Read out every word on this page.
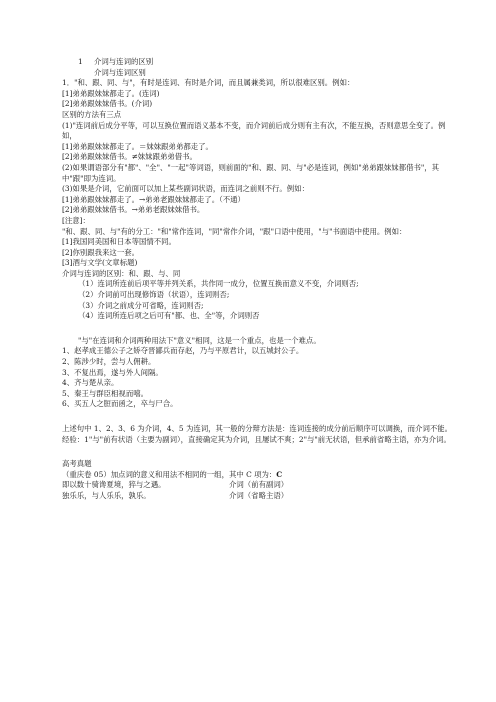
1 介词与连词的区别
介词与连词区别
1．"和、跟、同、与"，有时是连词、有时是介词，而且属兼类词，所以很难区别。例如：
[1]弟弟跟妹妹都走了。(连词)
[2]弟弟跟妹妹借书。(介词)
区别的方法有三点
(1)"连词前后成分平等，可以互换位置而语义基本不变，而介词前后成分则有主有次，不能互换，否则意思全变了。例如，
[1]弟弟跟妹妹都走了。＝妹妹跟弟弟都走了。
[2]弟弟跟妹妹借书。≠妹妹跟弟弟借书。
(2)如果谓语部分有"都"、"全"、"一起"等词语，则前面的"和、跟、同、与"必是连词，例如"弟弟跟妹妹都借书"，其中"跟"即为连词。
(3)如果是介词，它前面可以加上某些副词状语，而连词之前则不行。例如：
[1]弟弟跟妹妹都走了。→弟弟老跟妹妹都走了。（不通）
[2]弟弟跟妹妹借书。→弟弟老跟妹妹借书。
[注意]：
"和、跟、同、与"有的分工："和"常作连词，"同"常作介词，"跟"口语中使用，"与"书面语中使用。例如：
[1]我国同美国和日本等国情不同。
[2]你别跟我来这一套。
[3]酒与文学(文章标题)
介词与连词的区别：和、跟、与、同
（1）连词所连前后项平等并列关系，共作同一成分，位置互换而意义不变，介词则否;
（2）介词前可出现修饰语（状语），连词则否;
（3）介词之前成分可省略，连词则否;
（4）连词所连后项之后可有"都、也、全"等，介词则否
"与"在连词和介词两种用法下"意义"相同，这是一个重点，也是一个难点。
1、赵孝成王德公子之矫夺晋鄙兵而存赵，乃与平原君计，以五城封公子。
2、陈涉少时，尝与人佣耕。
3、不复出焉，遂与外人间隔。
4、齐与楚从亲。
5、秦王与群臣相视而嘻。
6、买五人之脰而函之，卒与尸合。
上述句中 1、2、3、6 为介词，4、5 为连词，其一般的分辩方法是：连词连接的成分前后顺序可以调换，而介词不能。
经验：1"与"前有状语（主要为副词），直接确定其为介词，且屡试不爽；2"与"前无状语，但承前省略主语，亦为介词。
高考真题
（重庆卷 05）加点词的意义和用法不相同的一组，其中 C 项为：C
即以数十骑谗夏境，猝与之遇。	介词（前有副词）
独乐乐，与人乐乐，孰乐。	介词（省略主语）
